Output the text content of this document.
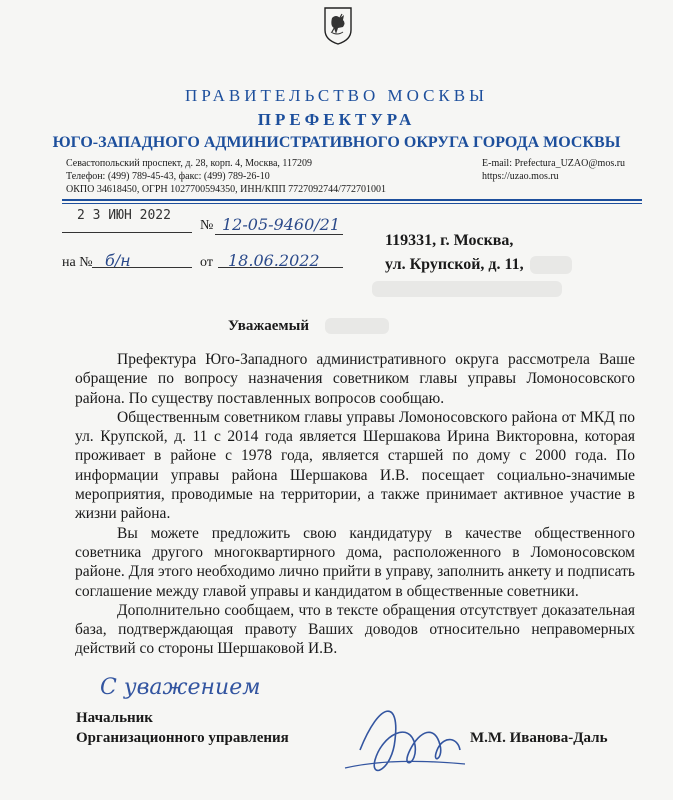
ПРАВИТЕЛЬСТВО МОСКВЫ
ПРЕФЕКТУРА
ЮГО-ЗАПАДНОГО АДМИНИСТРАТИВНОГО ОКРУГА ГОРОДА МОСКВЫ
Севастопольский проспект, д. 28, корп. 4, Москва, 117209
Телефон: (499) 789-45-43, факс: (499) 789-26-10
ОКПО 34618450, ОГРН 1027700594350, ИНН/КПП 7727092744/772701001
E-mail: Prefectura_UZAO@mos.ru
https://uzao.mos.ru
2 3 ИЮН 2022
№ 12-05-9460/21
на № б/н	от 18.06.2022
119331, г. Москва,
ул. Крупской, д. 11,
Уважаемый

Префектура Юго-Западного административного округа рассмотрела Ваше обращение по вопросу назначения советником главы управы Ломоносовского района. По существу поставленных вопросов сообщаю.

Общественным советником главы управы Ломоносовского района от МКД по ул. Крупской, д. 11 с 2014 года является Шершакова Ирина Викторовна, которая проживает в районе с 1978 года, является старшей по дому с 2000 года. По информации управы района Шершакова И.В. посещает социально-значимые мероприятия, проводимые на территории, а также принимает активное участие в жизни района.

Вы можете предложить свою кандидатуру в качестве общественного советника другого многоквартирного дома, расположенного в Ломоносовском районе. Для этого необходимо лично прийти в управу, заполнить анкету и подписать соглашение между главой управы и кандидатом в общественные советники.

Дополнительно сообщаем, что в тексте обращения отсутствует доказательная база, подтверждающая правоту Ваших доводов относительно неправомерных действий со стороны Шершаковой И.В.

С уважением
Начальник
Организационного управления	М.М. Иванова-Даль
